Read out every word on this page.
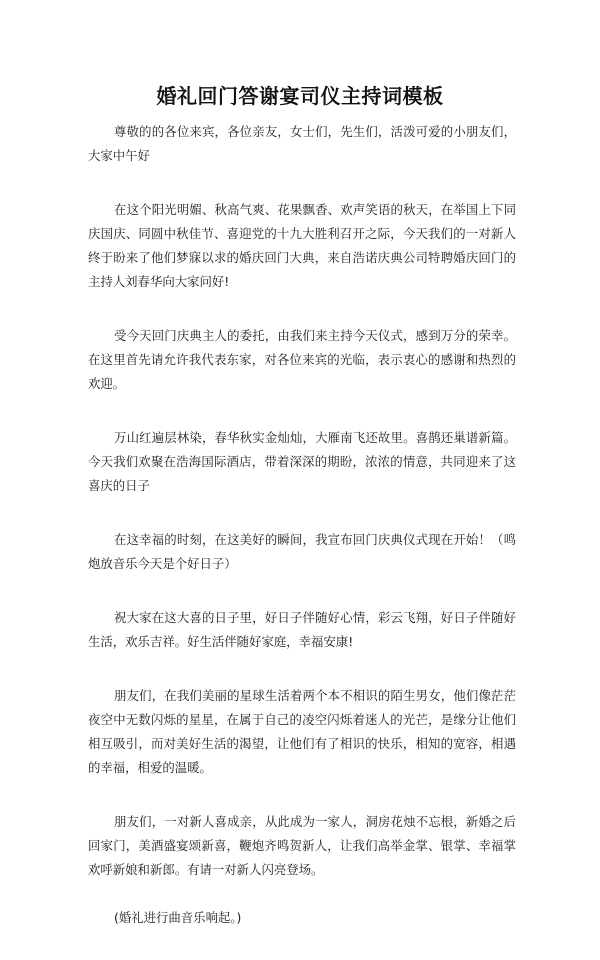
婚礼回门答谢宴司仪主持词模板

尊敬的的各位来宾，各位亲友，女士们，先生们，活泼可爱的小朋友们，大家中午好

在这个阳光明媚、秋高气爽、花果飘香、欢声笑语的秋天，在举国上下同庆国庆、同圆中秋佳节、喜迎党的十九大胜利召开之际，今天我们的一对新人终于盼来了他们梦寐以求的婚庆回门大典，来自浩诺庆典公司特聘婚庆回门的主持人刘春华向大家问好!

受今天回门庆典主人的委托，由我们来主持今天仪式，感到万分的荣幸。在这里首先请允许我代表东家，对各位来宾的光临，表示衷心的感谢和热烈的欢迎。

万山红遍层林染，春华秋实金灿灿，大雁南飞还故里。喜鹊还巢谱新篇。今天我们欢聚在浩海国际酒店，带着深深的期盼，浓浓的情意，共同迎来了这喜庆的日子

在这幸福的时刻，在这美好的瞬间，我宣布回门庆典仪式现在开始！（鸣炮放音乐今天是个好日子）

祝大家在这大喜的日子里，好日子伴随好心情，彩云飞翔，好日子伴随好生活，欢乐吉祥。好生活伴随好家庭，幸福安康!

朋友们，在我们美丽的星球生活着两个本不相识的陌生男女，他们像茫茫夜空中无数闪烁的星星，在属于自己的凌空闪烁着迷人的光芒，是缘分让他们相互吸引，而对美好生活的渴望，让他们有了相识的快乐，相知的宽容，相遇的幸福，相爱的温暖。

朋友们，一对新人喜成亲，从此成为一家人，洞房花烛不忘根，新婚之后回家门，美酒盛宴颂新喜，鞭炮齐鸣贺新人，让我们高举金掌、银掌、幸福掌欢呼新娘和新郎。有请一对新人闪亮登场。

(婚礼进行曲音乐响起。)
